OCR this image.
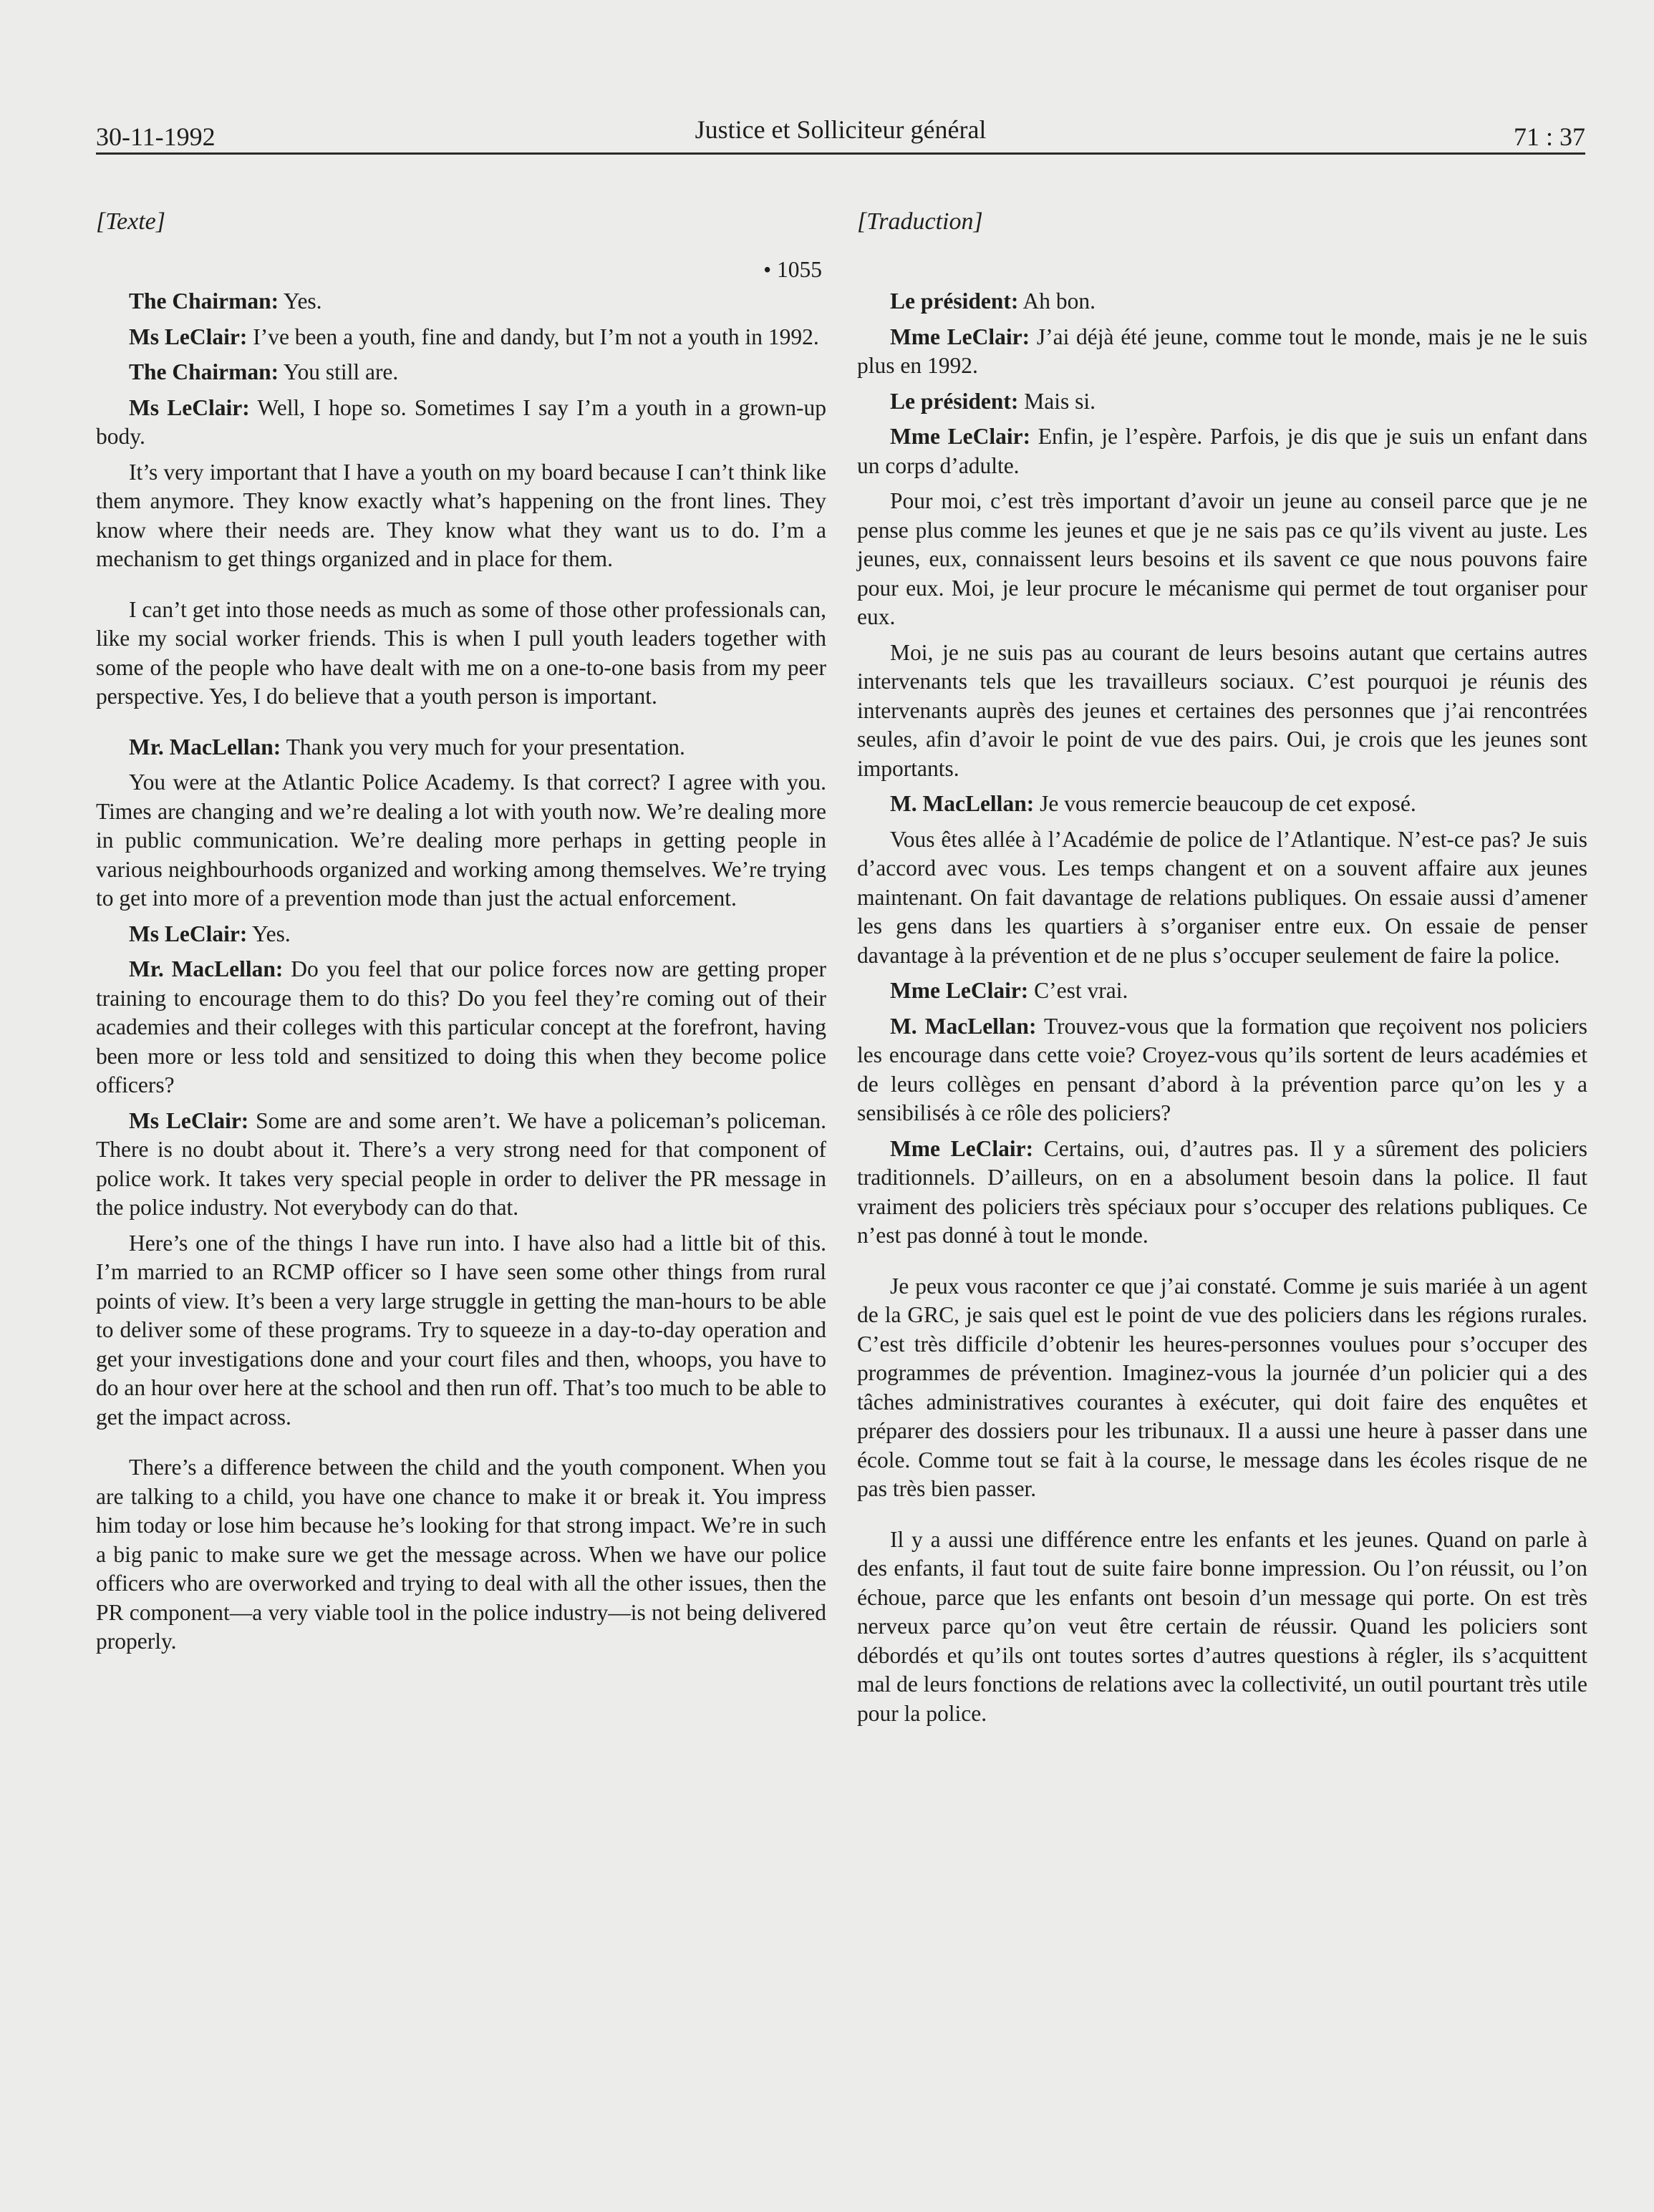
30-11-1992	Justice et Solliciteur général	71 : 37

[Texte]

• 1055

The Chairman: Yes.

Ms LeClair: I’ve been a youth, fine and dandy, but I’m not a youth in 1992.

The Chairman: You still are.

Ms LeClair: Well, I hope so. Sometimes I say I’m a youth in a grown-up body.

It’s very important that I have a youth on my board because I can’t think like them anymore. They know exactly what’s happening on the front lines. They know where their needs are. They know what they want us to do. I’m a mechanism to get things organized and in place for them.

I can’t get into those needs as much as some of those other professionals can, like my social worker friends. This is when I pull youth leaders together with some of the people who have dealt with me on a one-to-one basis from my peer perspective. Yes, I do believe that a youth person is important.

Mr. MacLellan: Thank you very much for your presentation.

You were at the Atlantic Police Academy. Is that correct? I agree with you. Times are changing and we’re dealing a lot with youth now. We’re dealing more in public communication. We’re dealing more perhaps in getting people in various neighbourhoods organized and working among themselves. We’re trying to get into more of a prevention mode than just the actual enforcement.

Ms LeClair: Yes.

Mr. MacLellan: Do you feel that our police forces now are getting proper training to encourage them to do this? Do you feel they’re coming out of their academies and their colleges with this particular concept at the forefront, having been more or less told and sensitized to doing this when they become police officers?

Ms LeClair: Some are and some aren’t. We have a policeman’s policeman. There is no doubt about it. There’s a very strong need for that component of police work. It takes very special people in order to deliver the PR message in the police industry. Not everybody can do that.

Here’s one of the things I have run into. I have also had a little bit of this. I’m married to an RCMP officer so I have seen some other things from rural points of view. It’s been a very large struggle in getting the man-hours to be able to deliver some of these programs. Try to squeeze in a day-to-day operation and get your investigations done and your court files and then, whoops, you have to do an hour over here at the school and then run off. That’s too much to be able to get the impact across.

There’s a difference between the child and the youth component. When you are talking to a child, you have one chance to make it or break it. You impress him today or lose him because he’s looking for that strong impact. We’re in such a big panic to make sure we get the message across. When we have our police officers who are overworked and trying to deal with all the other issues, then the PR component—a very viable tool in the police industry—is not being delivered properly.

[Traduction]

Le président: Ah bon.

Mme LeClair: J’ai déjà été jeune, comme tout le monde, mais je ne le suis plus en 1992.

Le président: Mais si.

Mme LeClair: Enfin, je l’espère. Parfois, je dis que je suis un enfant dans un corps d’adulte.

Pour moi, c’est très important d’avoir un jeune au conseil parce que je ne pense plus comme les jeunes et que je ne sais pas ce qu’ils vivent au juste. Les jeunes, eux, connaissent leurs besoins et ils savent ce que nous pouvons faire pour eux. Moi, je leur procure le mécanisme qui permet de tout organiser pour eux.

Moi, je ne suis pas au courant de leurs besoins autant que certains autres intervenants tels que les travailleurs sociaux. C’est pourquoi je réunis des intervenants auprès des jeunes et certaines des personnes que j’ai rencontrées seules, afin d’avoir le point de vue des pairs. Oui, je crois que les jeunes sont importants.

M. MacLellan: Je vous remercie beaucoup de cet exposé.

Vous êtes allée à l’Académie de police de l’Atlantique. N’est-ce pas? Je suis d’accord avec vous. Les temps changent et on a souvent affaire aux jeunes maintenant. On fait davantage de relations publiques. On essaie aussi d’amener les gens dans les quartiers à s’organiser entre eux. On essaie de penser davantage à la prévention et de ne plus s’occuper seulement de faire la police.

Mme LeClair: C’est vrai.

M. MacLellan: Trouvez-vous que la formation que reçoivent nos policiers les encourage dans cette voie? Croyez-vous qu’ils sortent de leurs académies et de leurs collèges en pensant d’abord à la prévention parce qu’on les y a sensibilisés à ce rôle des policiers?

Mme LeClair: Certains, oui, d’autres pas. Il y a sûrement des policiers traditionnels. D’ailleurs, on en a absolument besoin dans la police. Il faut vraiment des policiers très spéciaux pour s’occuper des relations publiques. Ce n’est pas donné à tout le monde.

Je peux vous raconter ce que j’ai constaté. Comme je suis mariée à un agent de la GRC, je sais quel est le point de vue des policiers dans les régions rurales. C’est très difficile d’obtenir les heures-personnes voulues pour s’occuper des programmes de prévention. Imaginez-vous la journée d’un policier qui a des tâches administratives courantes à exécuter, qui doit faire des enquêtes et préparer des dossiers pour les tribunaux. Il a aussi une heure à passer dans une école. Comme tout se fait à la course, le message dans les écoles risque de ne pas très bien passer.

Il y a aussi une différence entre les enfants et les jeunes. Quand on parle à des enfants, il faut tout de suite faire bonne impression. Ou l’on réussit, ou l’on échoue, parce que les enfants ont besoin d’un message qui porte. On est très nerveux parce qu’on veut être certain de réussir. Quand les policiers sont débordés et qu’ils ont toutes sortes d’autres questions à régler, ils s’acquittent mal de leurs fonctions de relations avec la collectivité, un outil pourtant très utile pour la police.
